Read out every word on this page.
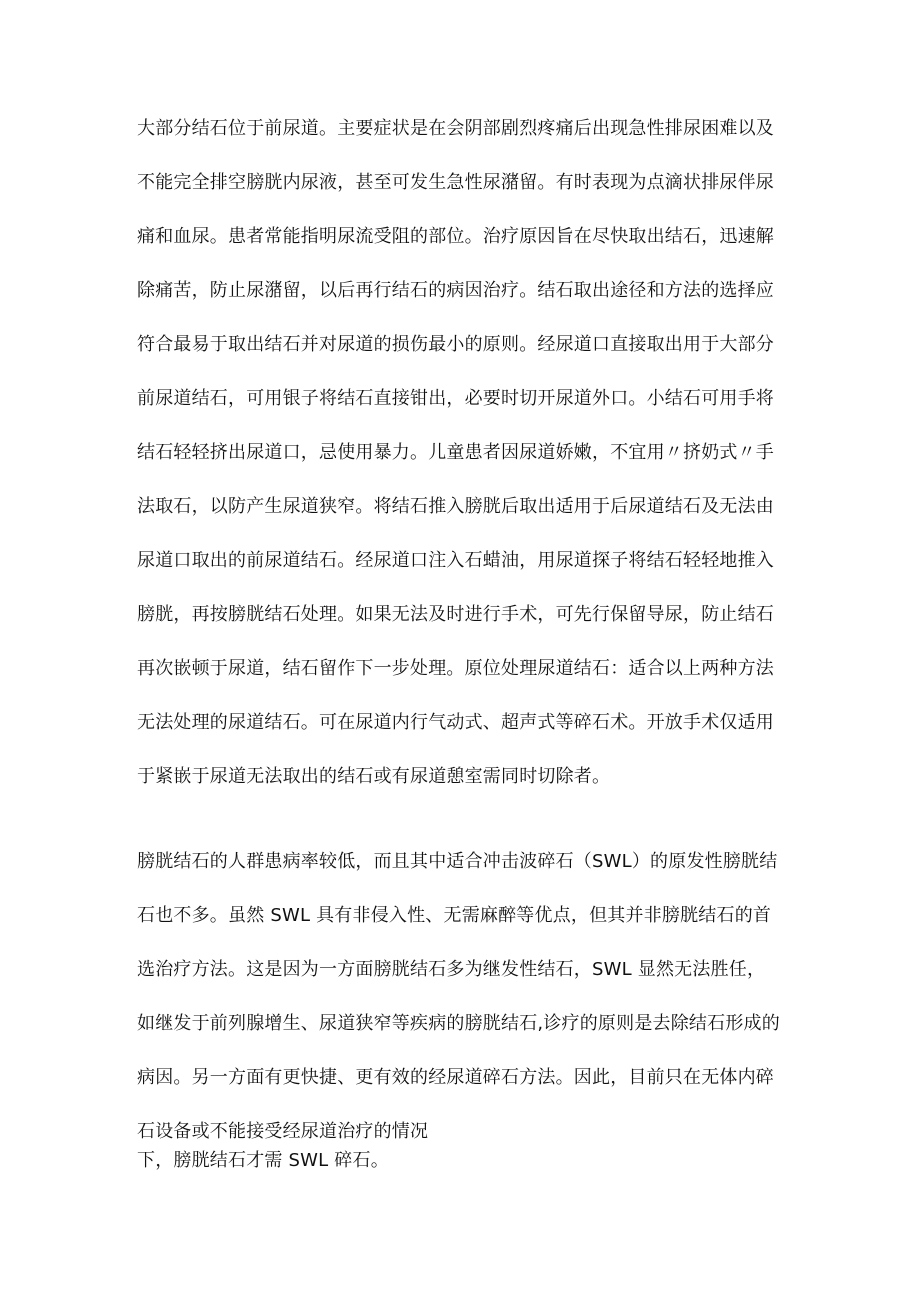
大部分结石位于前尿道。主要症状是在会阴部剧烈疼痛后出现急性排尿困难以及

不能完全排空膀胱内尿液，甚至可发生急性尿潴留。有时表现为点滴状排尿伴尿

痛和血尿。患者常能指明尿流受阻的部位。治疗原因旨在尽快取出结石，迅速解

除痛苦，防止尿潴留，以后再行结石的病因治疗。结石取出途径和方法的选择应

符合最易于取出结石并对尿道的损伤最小的原则。经尿道口直接取出用于大部分

前尿道结石，可用银子将结石直接钳出，必要时切开尿道外口。小结石可用手将

结石轻轻挤出尿道口，忌使用暴力。儿童患者因尿道娇嫩，不宜用〃挤奶式〃手

法取石，以防产生尿道狭窄。将结石推入膀胱后取出适用于后尿道结石及无法由

尿道口取出的前尿道结石。经尿道口注入石蜡油，用尿道探子将结石轻轻地推入

膀胱，再按膀胱结石处理。如果无法及时进行手术，可先行保留导尿，防止结石

再次嵌顿于尿道，结石留作下一步处理。原位处理尿道结石：适合以上两种方法

无法处理的尿道结石。可在尿道内行气动式、超声式等碎石术。开放手术仅适用

于紧嵌于尿道无法取出的结石或有尿道憩室需同时切除者。

膀胱结石的人群患病率较低，而且其中适合冲击波碎石（SWL）的原发性膀胱结

石也不多。虽然 SWL 具有非侵入性、无需麻醉等优点，但其并非膀胱结石的首

选治疗方法。这是因为一方面膀胱结石多为继发性结石，SWL 显然无法胜任，

如继发于前列腺增生、尿道狭窄等疾病的膀胱结石,诊疗的原则是去除结石形成的

病因。另一方面有更快捷、更有效的经尿道碎石方法。因此，目前只在无体内碎

石设备或不能接受经尿道治疗的情况

下，膀胱结石才需 SWL 碎石。
